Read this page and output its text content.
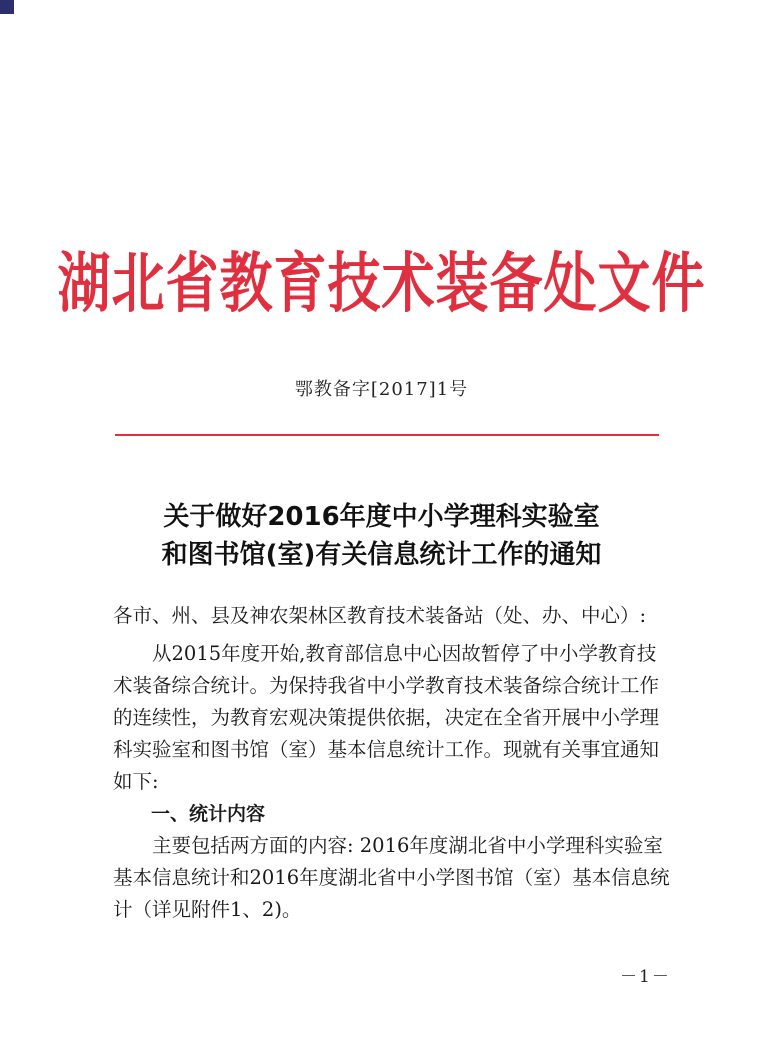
湖北省教育技术装备处文件
鄂教备字[2017]1号
关于做好2016年度中小学理科实验室
和图书馆(室)有关信息统计工作的通知
各市、州、县及神农架林区教育技术装备站（处、办、中心）:
　　从2015年度开始,教育部信息中心因故暂停了中小学教育技
术装备综合统计。为保持我省中小学教育技术装备综合统计工作
的连续性，为教育宏观决策提供依据，决定在全省开展中小学理
科实验室和图书馆（室）基本信息统计工作。现就有关事宜通知
如下:
一、统计内容
　　主要包括两方面的内容: 2016年度湖北省中小学理科实验室
基本信息统计和2016年度湖北省中小学图书馆（室）基本信息统
计（详见附件1、2)。
－1－
